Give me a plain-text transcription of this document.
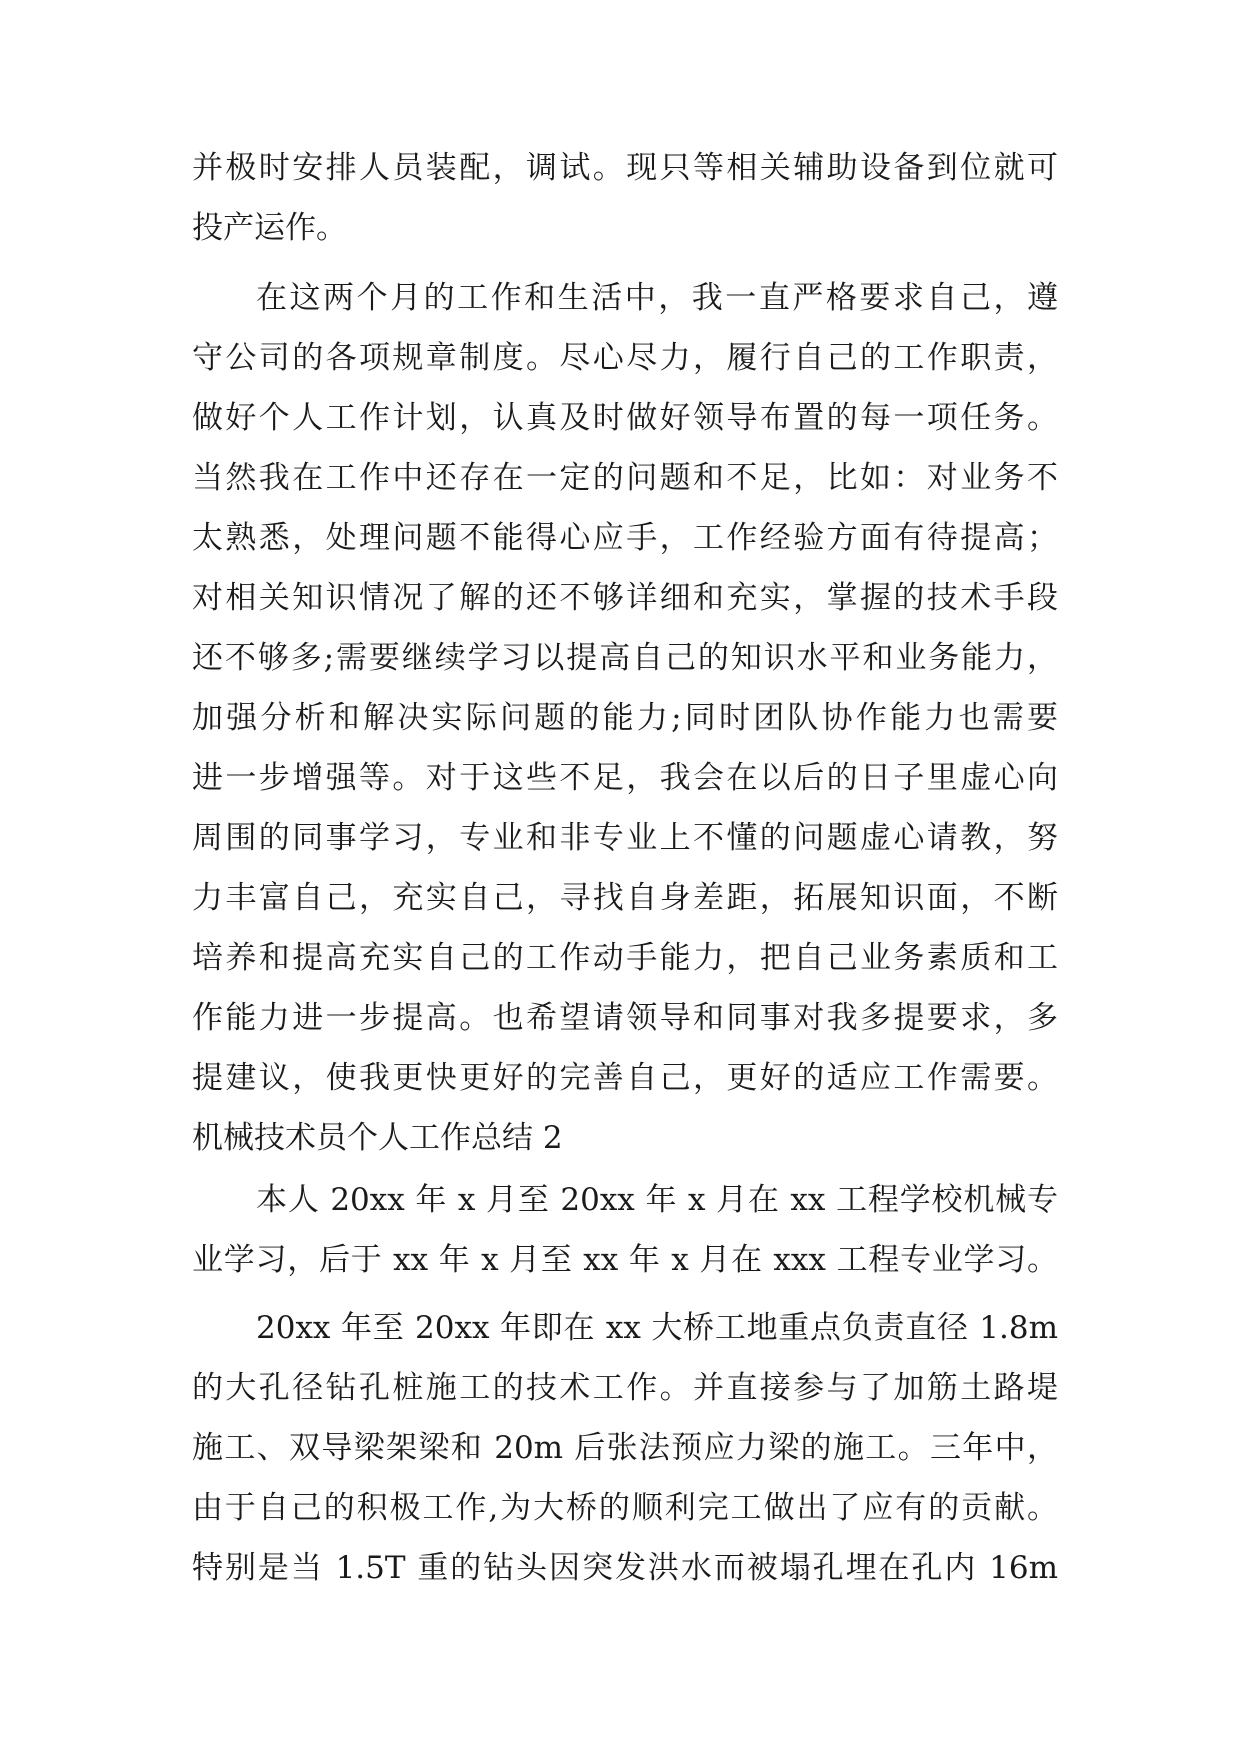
并极时安排人员装配，调试。现只等相关辅助设备到位就可
投产运作。
在这两个月的工作和生活中，我一直严格要求自己，遵
守公司的各项规章制度。尽心尽力，履行自己的工作职责，
做好个人工作计划，认真及时做好领导布置的每一项任务。
当然我在工作中还存在一定的问题和不足，比如：对业务不
太熟悉，处理问题不能得心应手，工作经验方面有待提高；
对相关知识情况了解的还不够详细和充实，掌握的技术手段
还不够多;需要继续学习以提高自己的知识水平和业务能力，
加强分析和解决实际问题的能力;同时团队协作能力也需要
进一步增强等。对于这些不足，我会在以后的日子里虚心向
周围的同事学习，专业和非专业上不懂的问题虚心请教，努
力丰富自己，充实自己，寻找自身差距，拓展知识面，不断
培养和提高充实自己的工作动手能力，把自己业务素质和工
作能力进一步提高。也希望请领导和同事对我多提要求，多
提建议，使我更快更好的完善自己，更好的适应工作需要。
机械技术员个人工作总结 2
本人 20xx 年 x 月至 20xx 年 x 月在 xx 工程学校机械专
业学习，后于 xx 年 x 月至 xx 年 x 月在 xxx 工程专业学习。
20xx 年至 20xx 年即在 xx 大桥工地重点负责直径 1.8m
的大孔径钻孔桩施工的技术工作。并直接参与了加筋土路堤
施工、双导梁架梁和 20m 后张法预应力梁的施工。三年中，
由于自己的积极工作,为大桥的顺利完工做出了应有的贡献。
特别是当 1.5T 重的钻头因突发洪水而被塌孔埋在孔内 16m
